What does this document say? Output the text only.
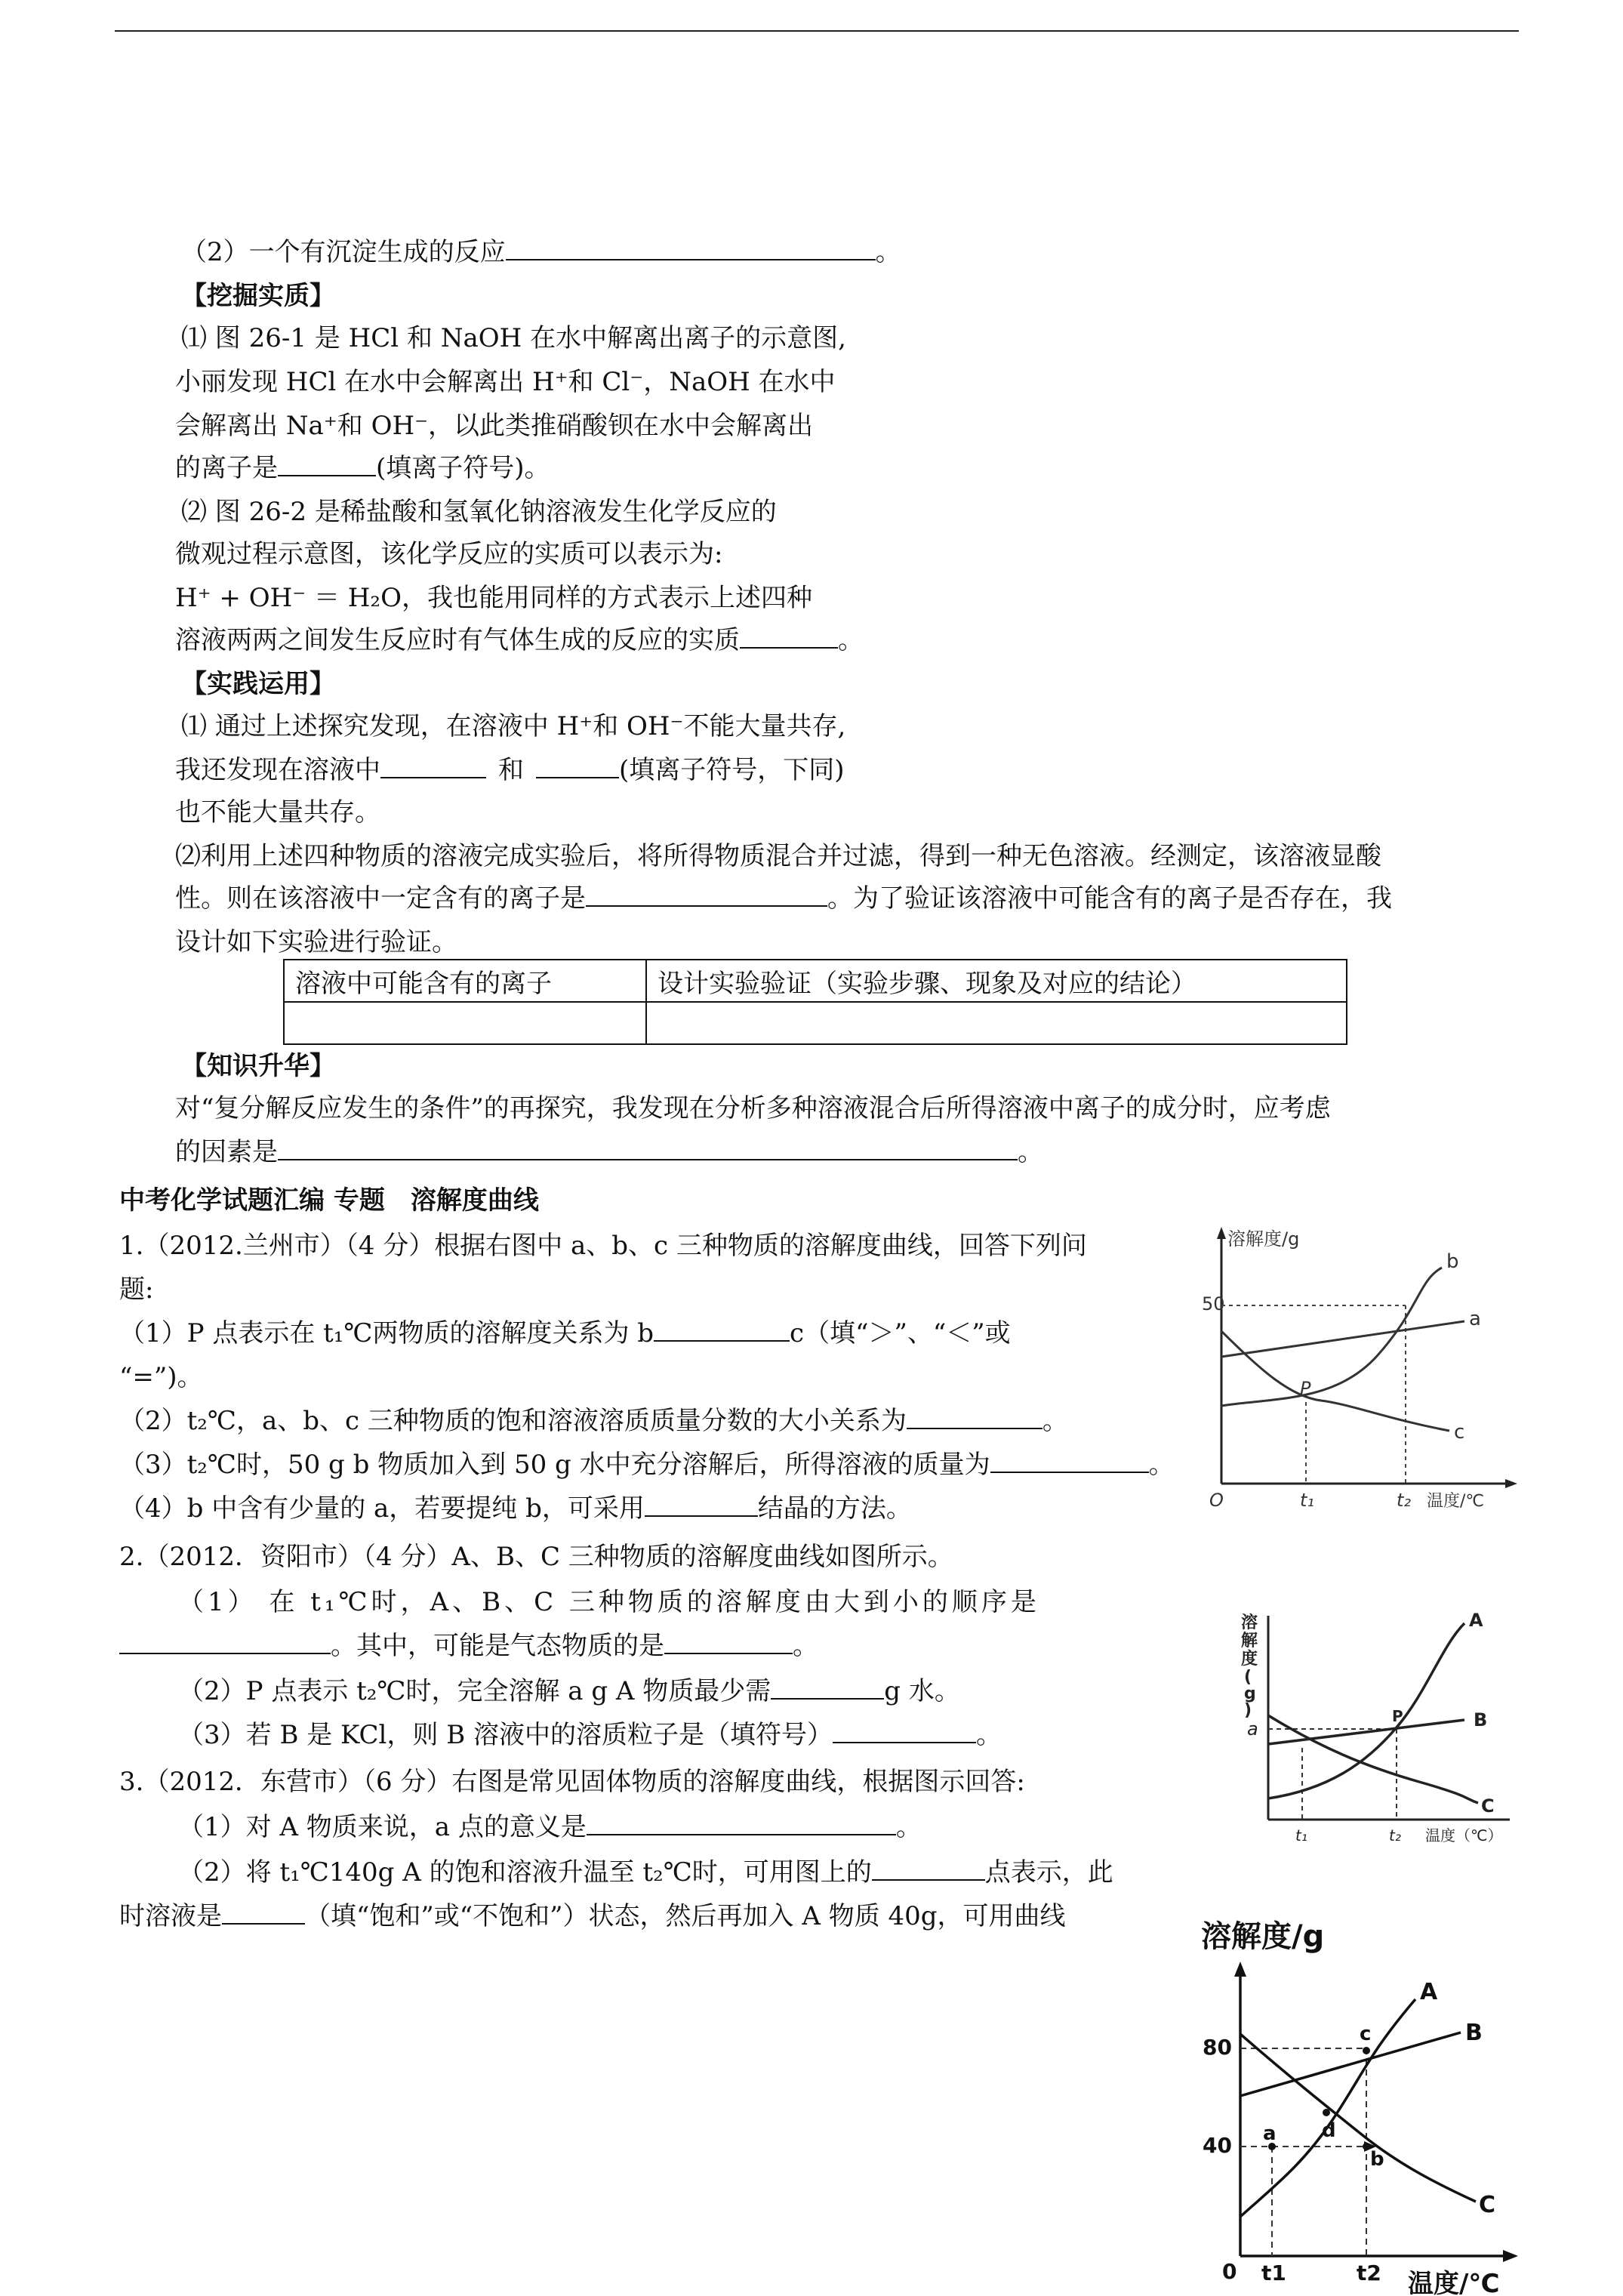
（2）一个有沉淀生成的反应	。
【挖掘实质】
⑴ 图 26-1 是 HCl 和 NaOH 在水中解离出离子的示意图,
小丽发现 HCl 在水中会解离出 H⁺和 Cl⁻，NaOH 在水中
会解离出 Na⁺和 OH⁻，以此类推硝酸钡在水中会解离出
的离子是	(填离子符号)。
⑵ 图 26-2 是稀盐酸和氢氧化钠溶液发生化学反应的
微观过程示意图，该化学反应的实质可以表示为:
H⁺ + OH⁻ ＝ H₂O，我也能用同样的方式表示上述四种
溶液两两之间发生反应时有气体生成的反应的实质	。
【实践运用】
⑴ 通过上述探究发现，在溶液中 H⁺和 OH⁻不能大量共存,
我还发现在溶液中	和	(填离子符号，下同)
也不能大量共存。
⑵利用上述四种物质的溶液完成实验后，将所得物质混合并过滤，得到一种无色溶液。经测定，该溶液显酸
性。则在该溶液中一定含有的离子是	。为了验证该溶液中可能含有的离子是否存在，我
设计如下实验进行验证。
溶液中可能含有的离子	设计实验验证（实验步骤、现象及对应的结论）

【知识升华】
对“复分解反应发生的条件”的再探究，我发现在分析多种溶液混合后所得溶液中离子的成分时，应考虑
的因素是	。
中考化学试题汇编 专题　溶解度曲线
1.（2012.兰州市）（4 分）根据右图中 a、b、c 三种物质的溶解度曲线，回答下列问
题:
（1）P 点表示在 t₁℃两物质的溶解度关系为 b	c（填“＞”、“＜”或
“=”)。
（2）t₂℃，a、b、c 三种物质的饱和溶液溶质质量分数的大小关系为	。
（3）t₂℃时，50 g b 物质加入到 50 g 水中充分溶解后，所得溶液的质量为	。
（4）b 中含有少量的 a，若要提纯 b，可采用	结晶的方法。
2.（2012．资阳市）（4 分）A、B、C 三种物质的溶解度曲线如图所示。
（1） 在 t₁℃时，A、B、C 三种物质的溶解度由大到小的顺序是
。其中，可能是气态物质的是	。
（2）P 点表示 t₂℃时，完全溶解 a g A 物质最少需	g 水。
（3）若 B 是 KCl，则 B 溶液中的溶质粒子是（填符号）	。
3.（2012．东营市）（6 分）右图是常见固体物质的溶解度曲线，根据图示回答:
（1）对 A 物质来说，a 点的意义是	。
（2）将 t₁℃140g A 的饱和溶液升温至 t₂℃时，可用图上的	点表示，此
时溶液是	（填“饱和”或“不饱和”）状态，然后再加入 A 物质 40g，可用曲线
溶解度/g
50
b
a
c
P
O	t₁	t₂ 温度/℃
溶
解
度
(
g
)
a
A
B
C
P
t₁	t₂ 温度（℃）
溶解度/g
80
40
0
A
B
C
a
b
c
d
t1	t2 温度/℃
